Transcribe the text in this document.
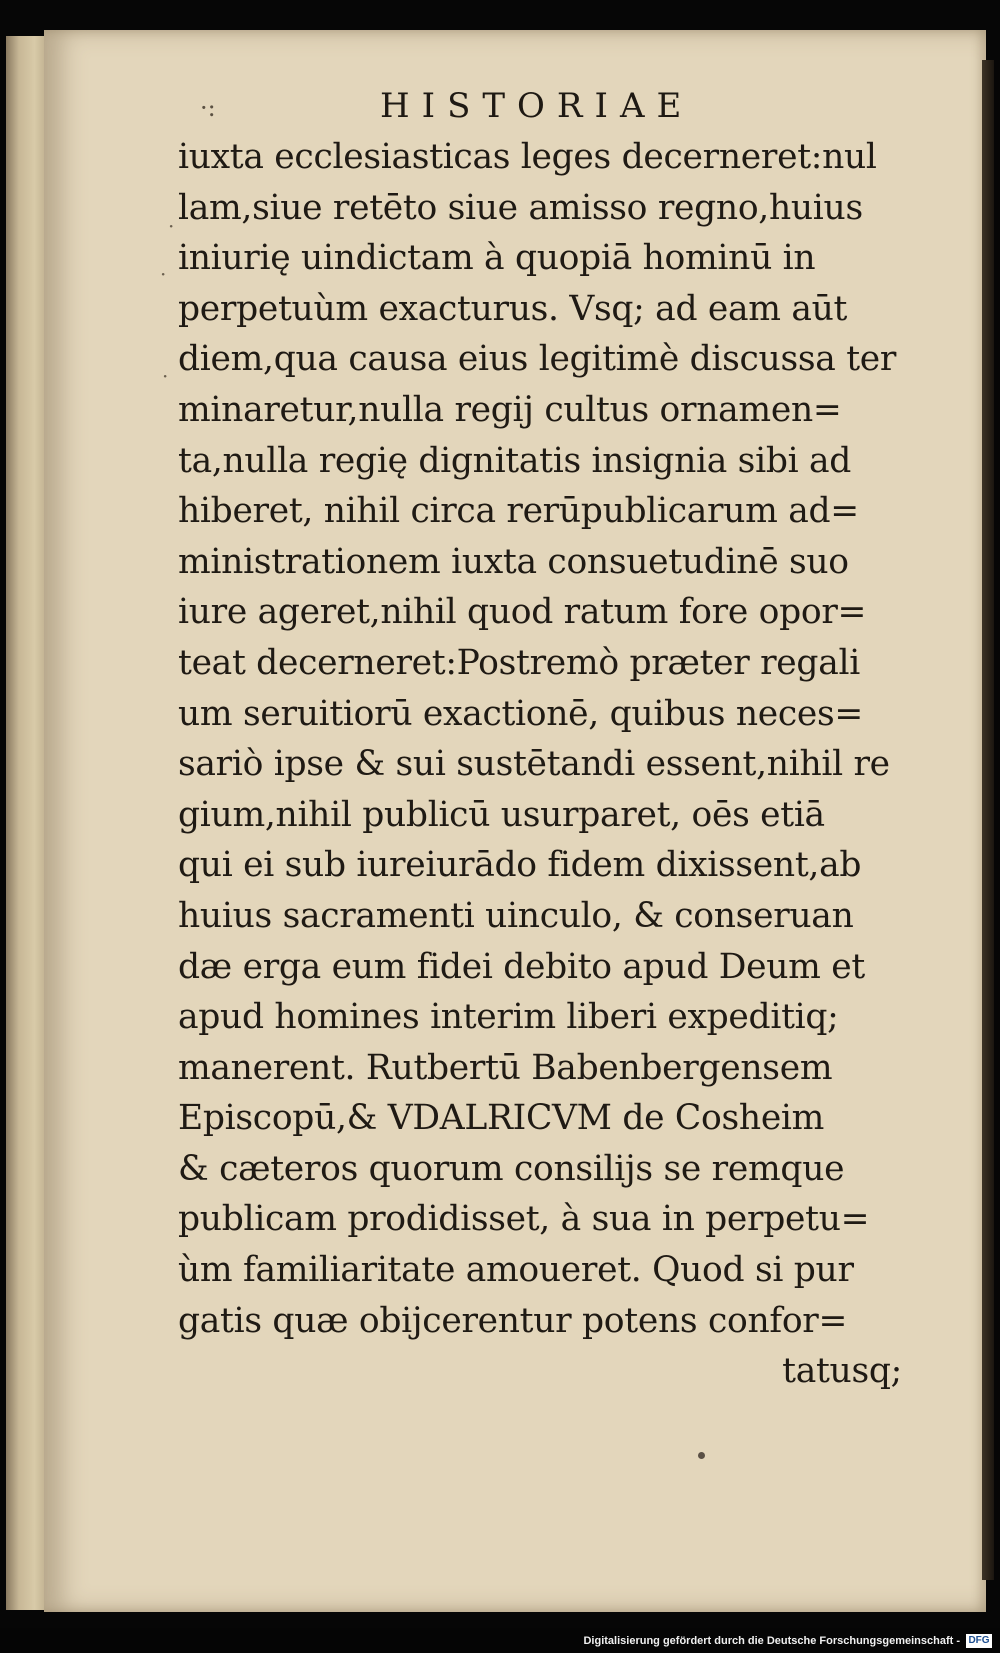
·:	HISTORIAE
·
·
·
iuxta ecclesiasticas leges decerneret:nul
lam,siue retēto siue amisso regno,huius
iniurię uindictam à quopiā hominū in
perpetuùm exacturus. Vsq; ad eam aūt
diem,qua causa eius legitimè discussa ter
minaretur,nulla regij cultus ornamen=
ta,nulla regię dignitatis insignia sibi ad
hiberet, nihil circa rerūpublicarum ad=
ministrationem iuxta consuetudinē suo
iure ageret,nihil quod ratum fore opor=
teat decerneret:Postremò præter regali
um seruitiorū exactionē, quibus neces=
sariò ipse & sui sustētandi essent,nihil re
gium,nihil publicū usurparet, oēs etiā
qui ei sub iureiurādo fidem dixissent,ab
huius sacramenti uinculo, & conseruan
dæ erga eum fidei debito apud Deum et
apud homines interim liberi expeditiq;
manerent. Rutbertū Babenbergensem
Episcopū,& VDALRICVM de Cosheim
& cæteros quorum consilijs se remque
publicam prodidisset, à sua in perpetu=
ùm familiaritate amoueret. Quod si pur
gatis quæ obijcerentur potens confor=
tatusq;
Digitalisierung gefördert durch die Deutsche Forschungsgemeinschaft - DFG
